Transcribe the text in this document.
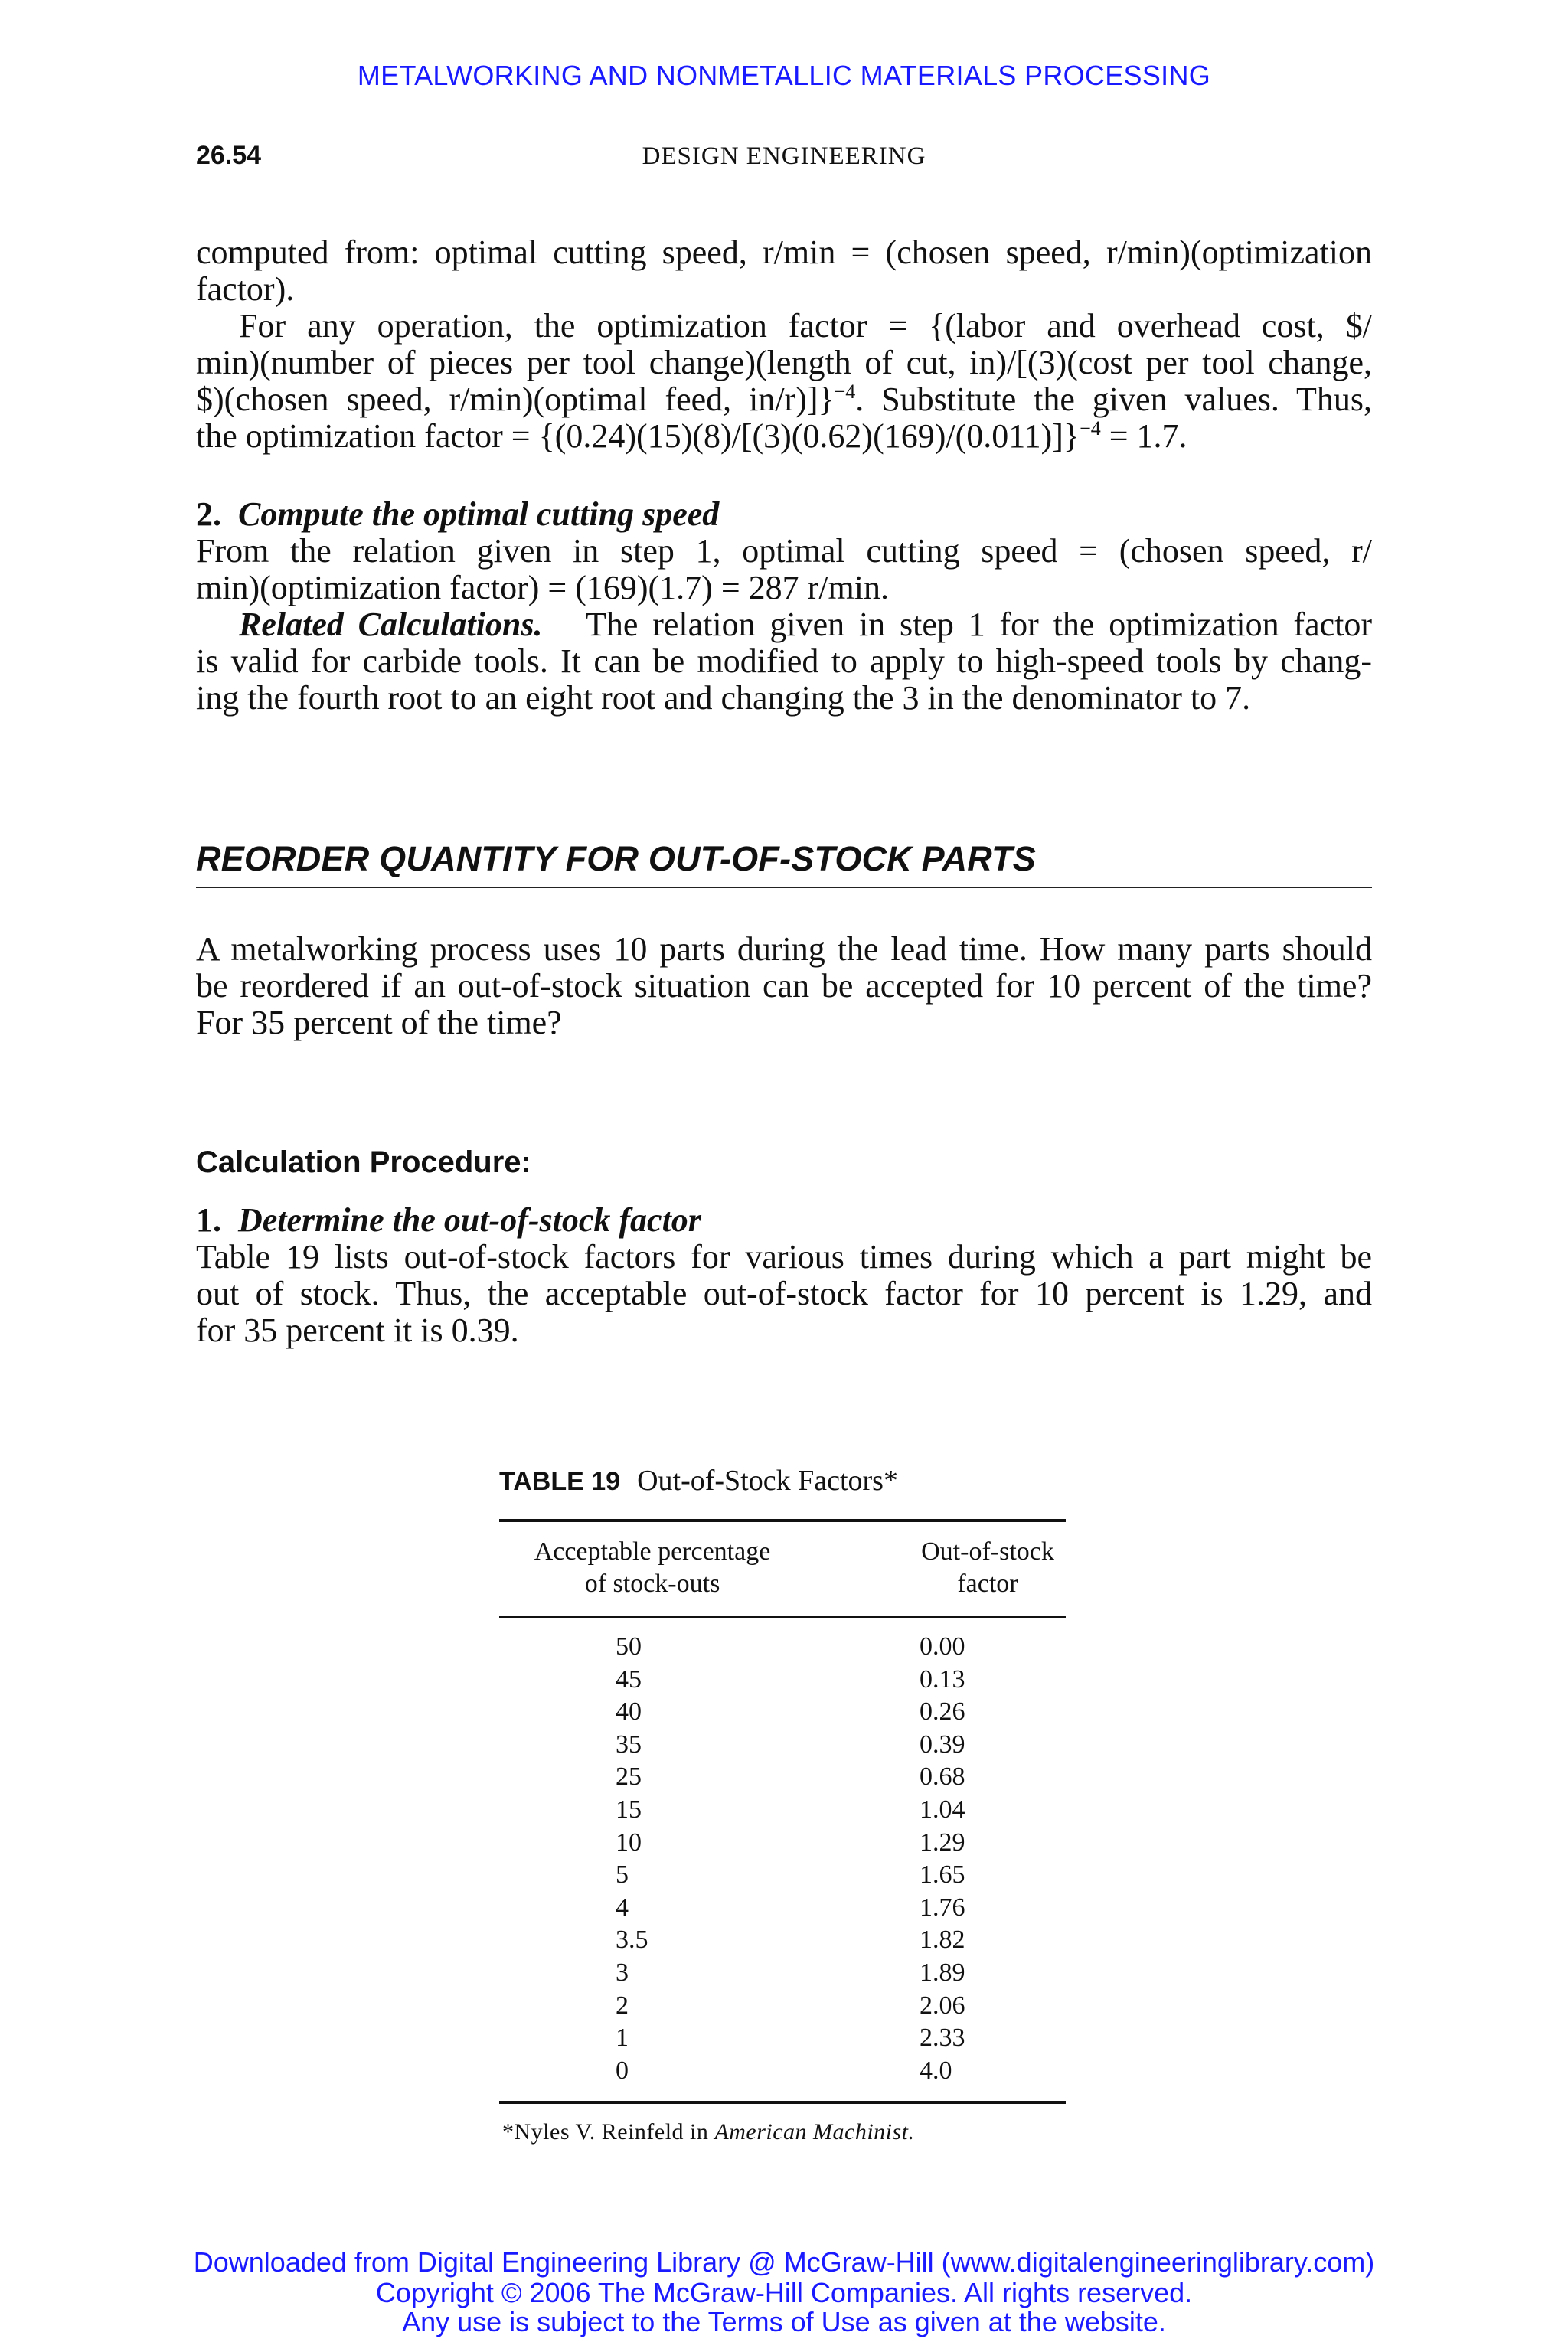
METALWORKING AND NONMETALLIC MATERIALS PROCESSING
26.54	DESIGN ENGINEERING
computed from: optimal cutting speed, r/min = (chosen speed, r/min)(optimization
factor).
For any operation, the optimization factor = {(labor and overhead cost, $/
min)(number of pieces per tool change)(length of cut, in)/[(3)(cost per tool change,
$)(chosen speed, r/min)(optimal feed, in/r)]}$^{-4}$. Substitute the given values. Thus,
the optimization factor = $\{(0.24)(15)(8)/[(3)(0.62)(169)/(0.011)]\}^{-4} = 1.7$.
2. Compute the optimal cutting speed
From the relation given in step 1, optimal cutting speed = (chosen speed, r/
min)(optimization factor) = (169)(1.7) = 287 r/min.
Related Calculations. The relation given in step 1 for the optimization factor
is valid for carbide tools. It can be modified to apply to high-speed tools by chang-
ing the fourth root to an eight root and changing the 3 in the denominator to 7.
REORDER QUANTITY FOR OUT-OF-STOCK PARTS
A metalworking process uses 10 parts during the lead time. How many parts should
be reordered if an out-of-stock situation can be accepted for 10 percent of the time?
For 35 percent of the time?
Calculation Procedure:
1. Determine the out-of-stock factor
Table 19 lists out-of-stock factors for various times during which a part might be
out of stock. Thus, the acceptable out-of-stock factor for 10 percent is 1.29, and
for 35 percent it is 0.39.
TABLE 19 Out-of-Stock Factors*
Acceptable percentage
of stock-outs
Out-of-stock
factor
50	0.00
45	0.13
40	0.26
35	0.39
25	0.68
15	1.04
10	1.29
5	1.65
4	1.76
3.5	1.82
3	1.89
2	2.06
1	2.33
0	4.0
*Nyles V. Reinfeld in American Machinist.
Downloaded from Digital Engineering Library @ McGraw-Hill (www.digitalengineeringlibrary.com)
Copyright © 2006 The McGraw-Hill Companies. All rights reserved.
Any use is subject to the Terms of Use as given at the website.
